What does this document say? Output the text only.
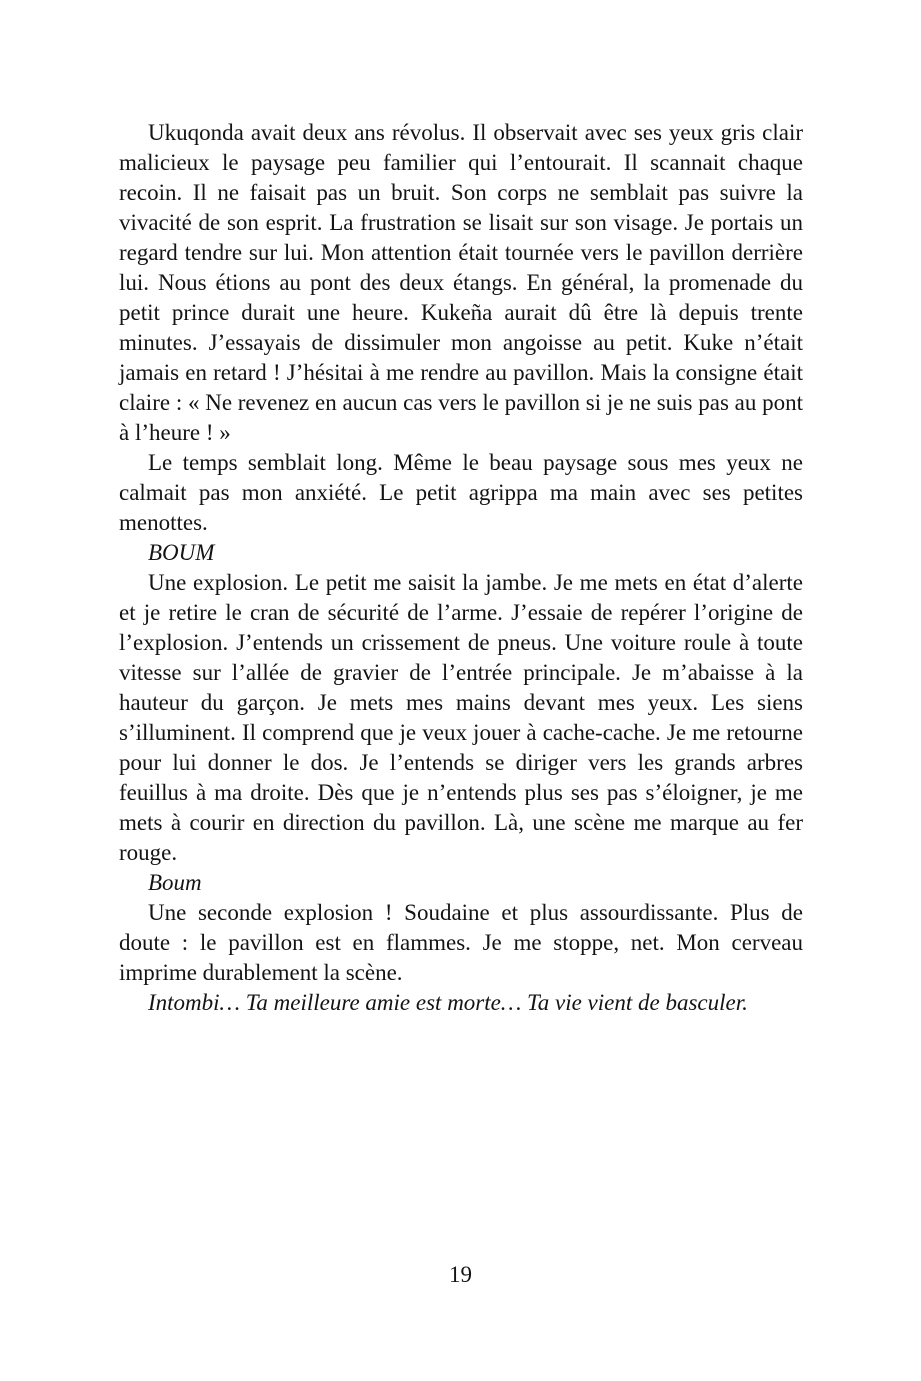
Ukuqonda avait deux ans révolus. Il observait avec ses yeux gris clair malicieux le paysage peu familier qui l’entourait. Il scannait chaque recoin. Il ne faisait pas un bruit. Son corps ne semblait pas suivre la vivacité de son esprit. La frustration se lisait sur son visage. Je portais un regard tendre sur lui. Mon attention était tournée vers le pavillon derrière lui. Nous étions au pont des deux étangs. En général, la promenade du petit prince durait une heure. Kukeña aurait dû être là depuis trente minutes. J’essayais de dissimuler mon angoisse au petit. Kuke n’était jamais en retard ! J’hésitai à me rendre au pavillon. Mais la consigne était claire : « Ne revenez en aucun cas vers le pavillon si je ne suis pas au pont à l’heure ! »

Le temps semblait long. Même le beau paysage sous mes yeux ne calmait pas mon anxiété. Le petit agrippa ma main avec ses petites menottes.

BOUM

Une explosion. Le petit me saisit la jambe. Je me mets en état d’alerte et je retire le cran de sécurité de l’arme. J’essaie de repérer l’origine de l’explosion. J’entends un crissement de pneus. Une voiture roule à toute vitesse sur l’allée de gravier de l’entrée principale. Je m’abaisse à la hauteur du garçon. Je mets mes mains devant mes yeux. Les siens s’illuminent. Il comprend que je veux jouer à cache-cache. Je me retourne pour lui donner le dos. Je l’entends se diriger vers les grands arbres feuillus à ma droite. Dès que je n’entends plus ses pas s’éloigner, je me mets à courir en direction du pavillon. Là, une scène me marque au fer rouge.

Boum

Une seconde explosion ! Soudaine et plus assourdissante. Plus de doute : le pavillon est en flammes. Je me stoppe, net. Mon cerveau imprime durablement la scène.

Intombi… Ta meilleure amie est morte… Ta vie vient de basculer.

19
